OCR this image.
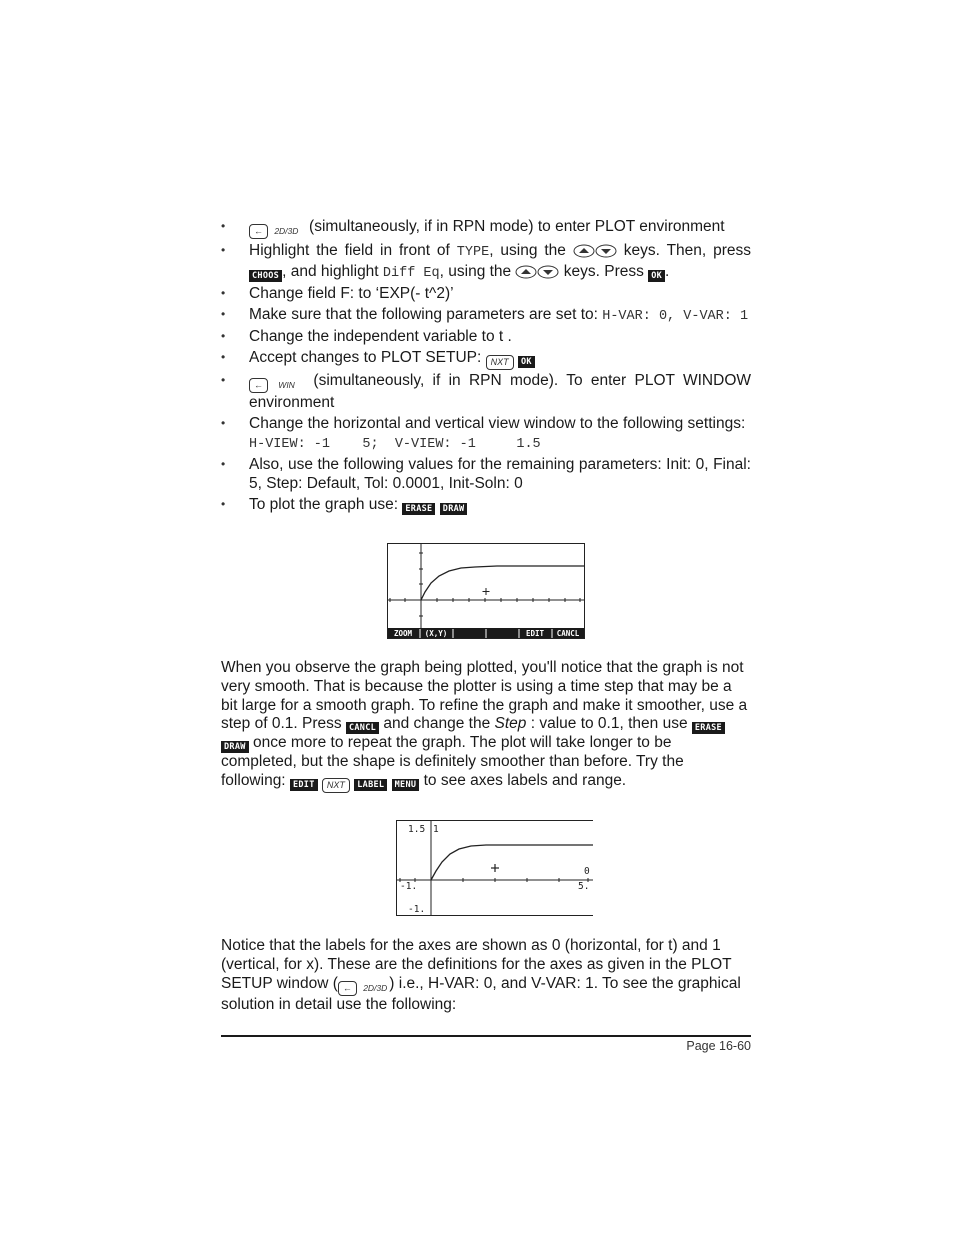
• ← 2D/3D (simultaneously, if in RPN mode) to enter PLOT environment
• Highlight the field in front of TYPE, using the	keys. Then, press CHOOS , and highlight Diff Eq, using the	keys. Press OK .
• Change field F: to ‘EXP(- t^2)’
• Make sure that the following parameters are set to: H-VAR: 0, V-VAR: 1
• Change the independent variable to t .
• Accept changes to PLOT SETUP: NXT OK
• ← WIN (simultaneously, if in RPN mode). To enter PLOT WINDOW environment
• Change the horizontal and vertical view window to the following settings:
H-VIEW: -1    5;  V-VIEW: -1     1.5
• Also, use the following values for the remaining parameters: Init: 0, Final: 5, Step: Default, Tol: 0.0001, Init-Soln: 0
• To plot the graph use: ERASE DRAW
ZOOM (X,Y)	EDIT CANCL

When you observe the graph being plotted, you'll notice that the graph is not very smooth. That is because the plotter is using a time step that may be a bit large for a smooth graph. To refine the graph and make it smoother, use a step of 0.1. Press CANCL and change the Step : value to 0.1, then use ERASE DRAW once more to repeat the graph. The plot will take longer to be completed, but the shape is definitely smoother than before. Try the following: EDIT NXT LABEL MENU to see axes labels and range.

1.5 1
0
-1.	5.
-1.

Notice that the labels for the axes are shown as 0 (horizontal, for t) and 1 (vertical, for x). These are the definitions for the axes as given in the PLOT SETUP window ( ← 2D/3D ) i.e., H-VAR: 0, and V-VAR: 1. To see the graphical solution in detail use the following:

Page 16-60
